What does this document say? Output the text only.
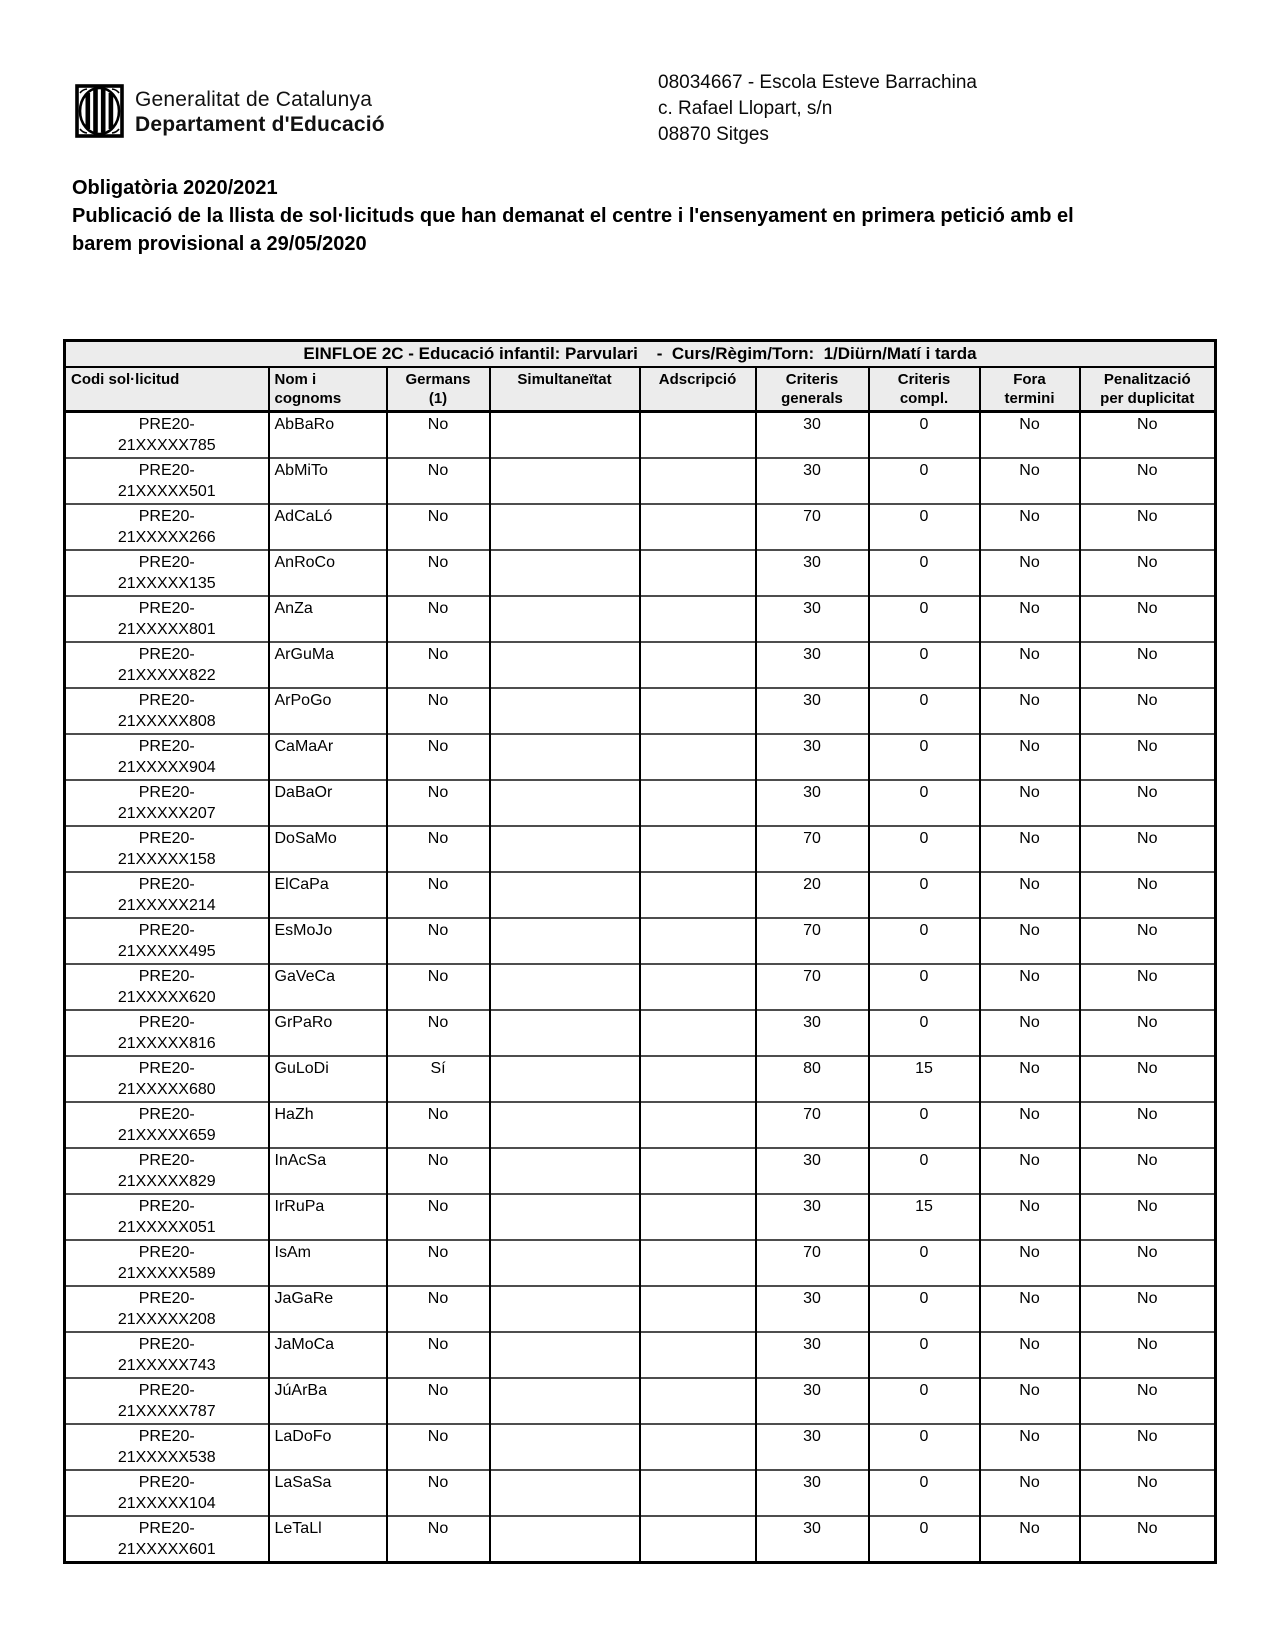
Generalitat de Catalunya
Departament d'Educació
08034667 - Escola Esteve Barrachina
c. Rafael Llopart, s/n
08870 Sitges
Obligatòria 2020/2021
Publicació de la llista de sol·licituds que han demanat el centre i l'ensenyament en primera petició amb el barem provisional a 29/05/2020
EINFLOE 2C - Educació infantil: Parvulari    -  Curs/Règim/Torn:  1/Diürn/Matí i tarda								

Codi sol·licitud	Nom i
cognoms

Germans
(1)

Simultaneïtat	Adscripció	Criteris
generals

Criteris
compl.

Fora
termini

Penalització
per duplicitat

PRE20-
21XXXXX785	AbBaRo	No			30	0	No	No

PRE20-
21XXXXX501	AbMiTo	No			30	0	No	No

PRE20-
21XXXXX266	AdCaLó	No			70	0	No	No

PRE20-
21XXXXX135	AnRoCo	No			30	0	No	No

PRE20-
21XXXXX801	AnZa	No			30	0	No	No

PRE20-
21XXXXX822	ArGuMa	No			30	0	No	No

PRE20-
21XXXXX808	ArPoGo	No			30	0	No	No

PRE20-
21XXXXX904	CaMaAr	No			30	0	No	No

PRE20-
21XXXXX207	DaBaOr	No			30	0	No	No

PRE20-
21XXXXX158	DoSaMo	No			70	0	No	No

PRE20-
21XXXXX214	ElCaPa	No			20	0	No	No

PRE20-
21XXXXX495	EsMoJo	No			70	0	No	No

PRE20-
21XXXXX620	GaVeCa	No			70	0	No	No

PRE20-
21XXXXX816	GrPaRo	No			30	0	No	No

PRE20-
21XXXXX680	GuLoDi	Sí			80	15	No	No

PRE20-
21XXXXX659	HaZh	No			70	0	No	No

PRE20-
21XXXXX829	InAcSa	No			30	0	No	No

PRE20-
21XXXXX051	IrRuPa	No			30	15	No	No

PRE20-
21XXXXX589	IsAm	No			70	0	No	No

PRE20-
21XXXXX208	JaGaRe	No			30	0	No	No

PRE20-
21XXXXX743	JaMoCa	No			30	0	No	No

PRE20-
21XXXXX787	JúArBa	No			30	0	No	No

PRE20-
21XXXXX538	LaDoFo	No			30	0	No	No

PRE20-
21XXXXX104	LaSaSa	No			30	0	No	No

PRE20-
21XXXXX601	LeTaLl	No			30	0	No	No
